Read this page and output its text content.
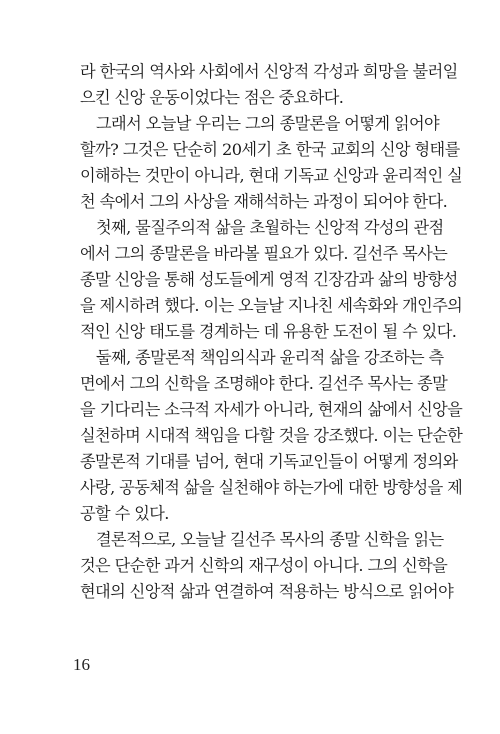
라 한국의 역사와 사회에서 신앙적 각성과 희망을 불러일
으킨 신앙 운동이었다는 점은 중요하다.

그래서 오늘날 우리는 그의 종말론을 어떻게 읽어야
할까? 그것은 단순히 20세기 초 한국 교회의 신앙 형태를
이해하는 것만이 아니라, 현대 기독교 신앙과 윤리적인 실
천 속에서 그의 사상을 재해석하는 과정이 되어야 한다.

첫째, 물질주의적 삶을 초월하는 신앙적 각성의 관점
에서 그의 종말론을 바라볼 필요가 있다. 길선주 목사는
종말 신앙을 통해 성도들에게 영적 긴장감과 삶의 방향성
을 제시하려 했다. 이는 오늘날 지나친 세속화와 개인주의
적인 신앙 태도를 경계하는 데 유용한 도전이 될 수 있다.

둘째, 종말론적 책임의식과 윤리적 삶을 강조하는 측
면에서 그의 신학을 조명해야 한다. 길선주 목사는 종말
을 기다리는 소극적 자세가 아니라, 현재의 삶에서 신앙을
실천하며 시대적 책임을 다할 것을 강조했다. 이는 단순한
종말론적 기대를 넘어, 현대 기독교인들이 어떻게 정의와
사랑, 공동체적 삶을 실천해야 하는가에 대한 방향성을 제
공할 수 있다.

결론적으로, 오늘날 길선주 목사의 종말 신학을 읽는
것은 단순한 과거 신학의 재구성이 아니다. 그의 신학을
현대의 신앙적 삶과 연결하여 적용하는 방식으로 읽어야

16
